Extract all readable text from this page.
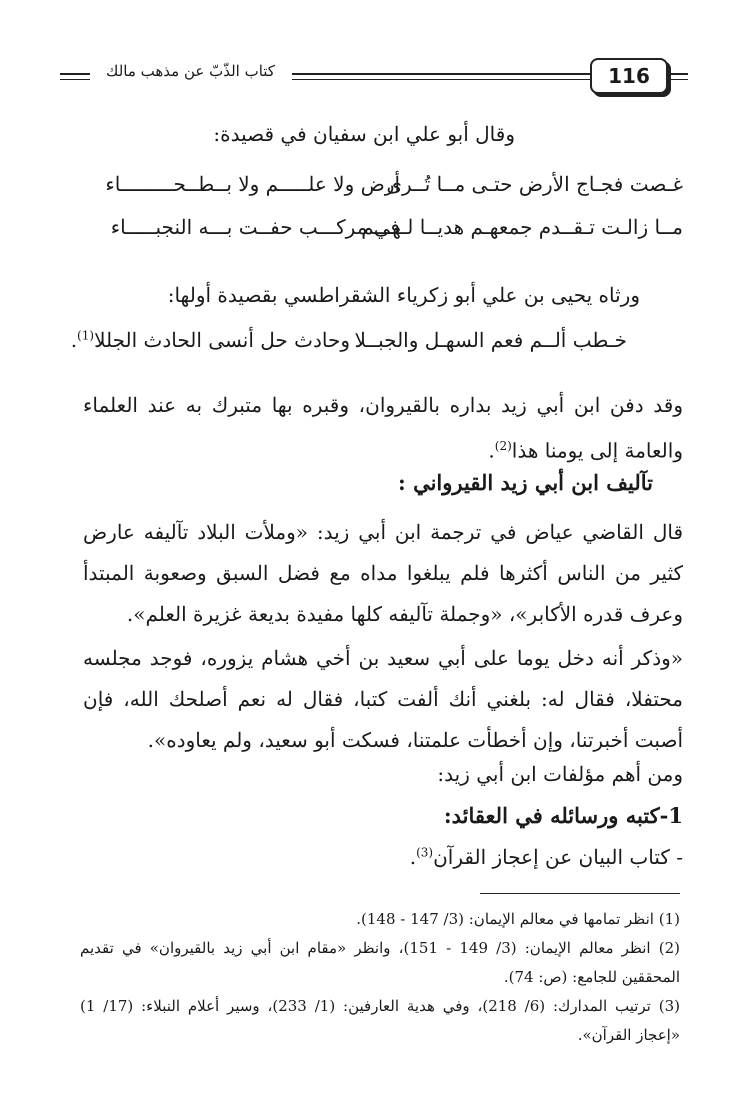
كتاب الذّبّ عن مذهب مالك	116
وقال أبو علي ابن سفيان في قصيدة:
غـصت فجـاج الأرض حتـى مــا تُــرى
أرض ولا علـــــم ولا بــطــحـــــــــاء
مــا زالـت تـقــدم جمعهـم هديــا لـهـــم
في مركـــب حفــت بـــه النجبـــــاء
ورثاه يحيى بن علي أبو زكرياء الشقراطسي بقصيدة أولها:
خـطب ألــم فعم السهـل والجبــلا
وحادث حل أنسى الحادث الجللا$^{(1)}$.
وقد دفن ابن أبي زيد بداره بالقيروان، وقبره بها متبرك به عند العلماء والعامة إلى يومنا هذا$^{(2)}$.
تآليف ابن أبي زيد القيرواني :
قال القاضي عياض في ترجمة ابن أبي زيد: «وملأت البلاد تآليفه عارض كثير من الناس أكثرها فلم يبلغوا مداه مع فضل السبق وصعوبة المبتدأ وعرف قدره الأكابر»، «وجملة تآليفه كلها مفيدة بديعة غزيرة العلم».
«وذكر أنه دخل يوما على أبي سعيد بن أخي هشام يزوره، فوجد مجلسه محتفلا، فقال له: بلغني أنك ألفت كتبا، فقال له نعم أصلحك الله، فإن أصبت أخبرتنا، وإن أخطأت علمتنا، فسكت أبو سعيد، ولم يعاوده».
ومن أهم مؤلفات ابن أبي زيد:
1-كتبه ورسائله في العقائد:
- كتاب البيان عن إعجاز القرآن$^{(3)}$.
(1) انظر تمامها في معالم الإيمان: (3/ 147 - 148).
(2) انظر معالم الإيمان: (3/ 149 - 151)، وانظر «مقام ابن أبي زيد بالقيروان» في تقديم المحققين للجامع: (ص: 74).
(3) ترتيب المدارك: (6/ 218)، وفي هدية العارفين: (1/ 233)، وسير أعلام النبلاء: (17/ 1) «إعجاز القرآن».
